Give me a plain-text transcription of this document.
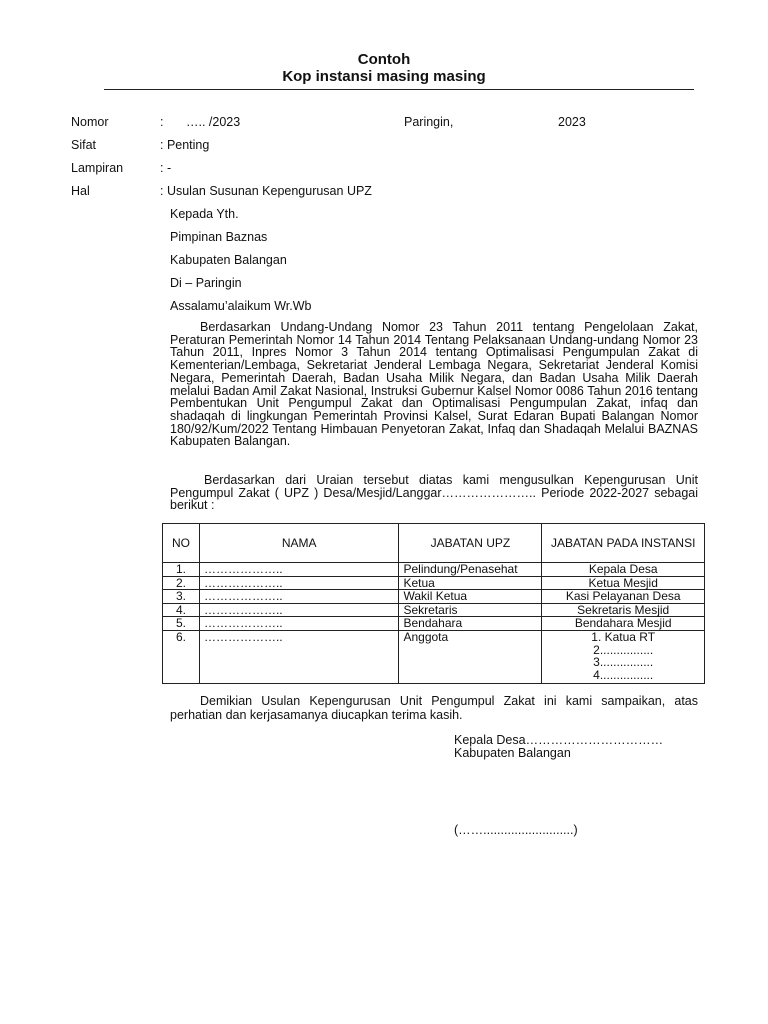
Contoh
Kop instansi masing masing
Nomor	: ….. /2023	Paringin,	2023
Sifat	: Penting
Lampiran	: -
Hal	: Usulan Susunan Kepengurusan UPZ
Kepada Yth.
Pimpinan Baznas
Kabupaten Balangan
Di – Paringin
Assalamu’alaikum Wr.Wb
Berdasarkan Undang-Undang Nomor 23 Tahun 2011 tentang Pengelolaan Zakat, Peraturan Pemerintah Nomor 14 Tahun 2014 Tentang Pelaksanaan Undang-undang Nomor 23 Tahun 2011, Inpres Nomor 3 Tahun 2014 tentang Optimalisasi Pengumpulan Zakat di Kementerian/Lembaga, Sekretariat Jenderal Lembaga Negara, Sekretariat Jenderal Komisi Negara, Pemerintah Daerah, Badan Usaha Milik Negara, dan Badan Usaha Milik Daerah melalui Badan Amil Zakat Nasional, Instruksi Gubernur Kalsel Nomor 0086 Tahun 2016 tentang Pembentukan Unit Pengumpul Zakat dan Optimalisasi Pengumpulan Zakat, infaq dan shadaqah di lingkungan Pemerintah Provinsi Kalsel, Surat Edaran Bupati Balangan Nomor 180/92/Kum/2022 Tentang Himbauan Penyetoran Zakat, Infaq dan Shadaqah Melalui BAZNAS Kabupaten Balangan.
Berdasarkan dari Uraian tersebut diatas kami mengusulkan Kepengurusan Unit Pengumpul Zakat ( UPZ ) Desa/Mesjid/Langgar………………….. Periode 2022-2027 sebagai berikut :
NO	NAMA	JABATAN UPZ	JABATAN PADA INSTANSI
1.	………………..	Pelindung/Penasehat	Kepala Desa
2.	………………..	Ketua	Ketua Mesjid
3.	………………..	Wakil Ketua	Kasi Pelayanan Desa
4.	………………..	Sekretaris	Sekretaris Mesjid
5.	………………..	Bendahara	Bendahara Mesjid
6.	………………..	Anggota	1. Katua RT
2................
3................
4................
Demikian Usulan Kepengurusan Unit Pengumpul Zakat ini kami sampaikan, atas perhatian dan kerjasamanya diucapkan terima kasih.
Kepala Desa……………………………
Kabupaten Balangan
(……..........................)
